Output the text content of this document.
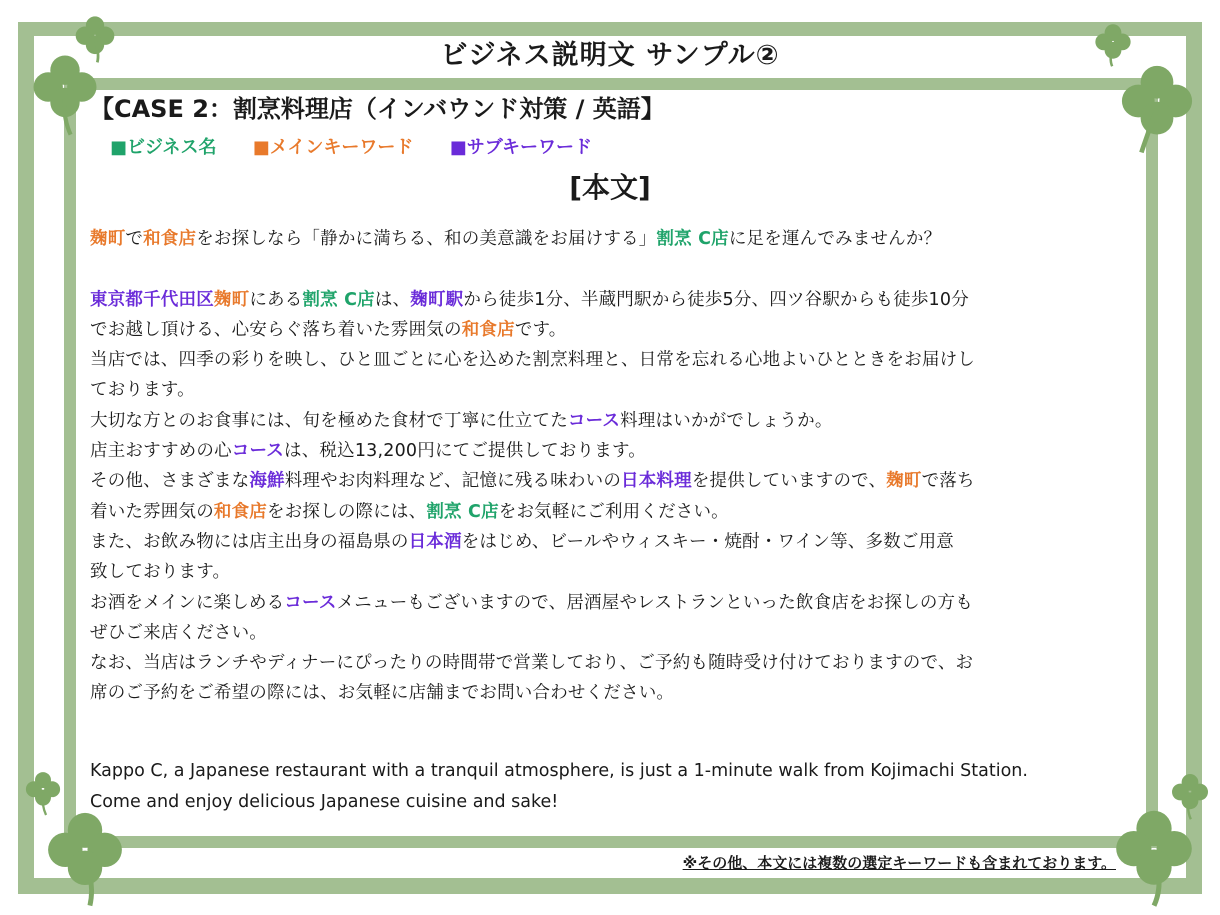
ビジネス説明文 サンプル②
【CASE 2：割烹料理店（インバウンド対策 / 英語】
■ビジネス名 ■メインキーワード ■サブキーワード
[本文]

麹町で和食店をお探しなら「静かに満ちる、和の美意識をお届けする」割烹 C店に足を運んでみませんか？

東京都千代田区麹町にある割烹 C店は、麹町駅から徒歩1分、半蔵門駅から徒歩5分、四ツ谷駅からも徒歩10分

でお越し頂ける、心安らぐ落ち着いた雰囲気の和食店です。

当店では、四季の彩りを映し、ひと皿ごとに心を込めた割烹料理と、日常を忘れる心地よいひとときをお届けし

ております。

大切な方とのお食事には、旬を極めた食材で丁寧に仕立てたコース料理はいかがでしょうか。

店主おすすめの心コースは、税込13,200円にてご提供しております。

その他、さまざまな海鮮料理やお肉料理など、記憶に残る味わいの日本料理を提供していますので、麹町で落ち

着いた雰囲気の和食店をお探しの際には、割烹 C店をお気軽にご利用ください。

また、お飲み物には店主出身の福島県の日本酒をはじめ、ビールやウィスキー・焼酎・ワイン等、多数ご用意

致しております。

お酒をメインに楽しめるコースメニューもございますので、居酒屋やレストランといった飲食店をお探しの方も

ぜひご来店ください。

なお、当店はランチやディナーにぴったりの時間帯で営業しており、ご予約も随時受け付けておりますので、お

席のご予約をご希望の際には、お気軽に店舗までお問い合わせください。

Kappo C, a Japanese restaurant with a tranquil atmosphere, is just a 1-minute walk from Kojimachi Station.
Come and enjoy delicious Japanese cuisine and sake!
※その他、本文には複数の選定キーワードも含まれております。
